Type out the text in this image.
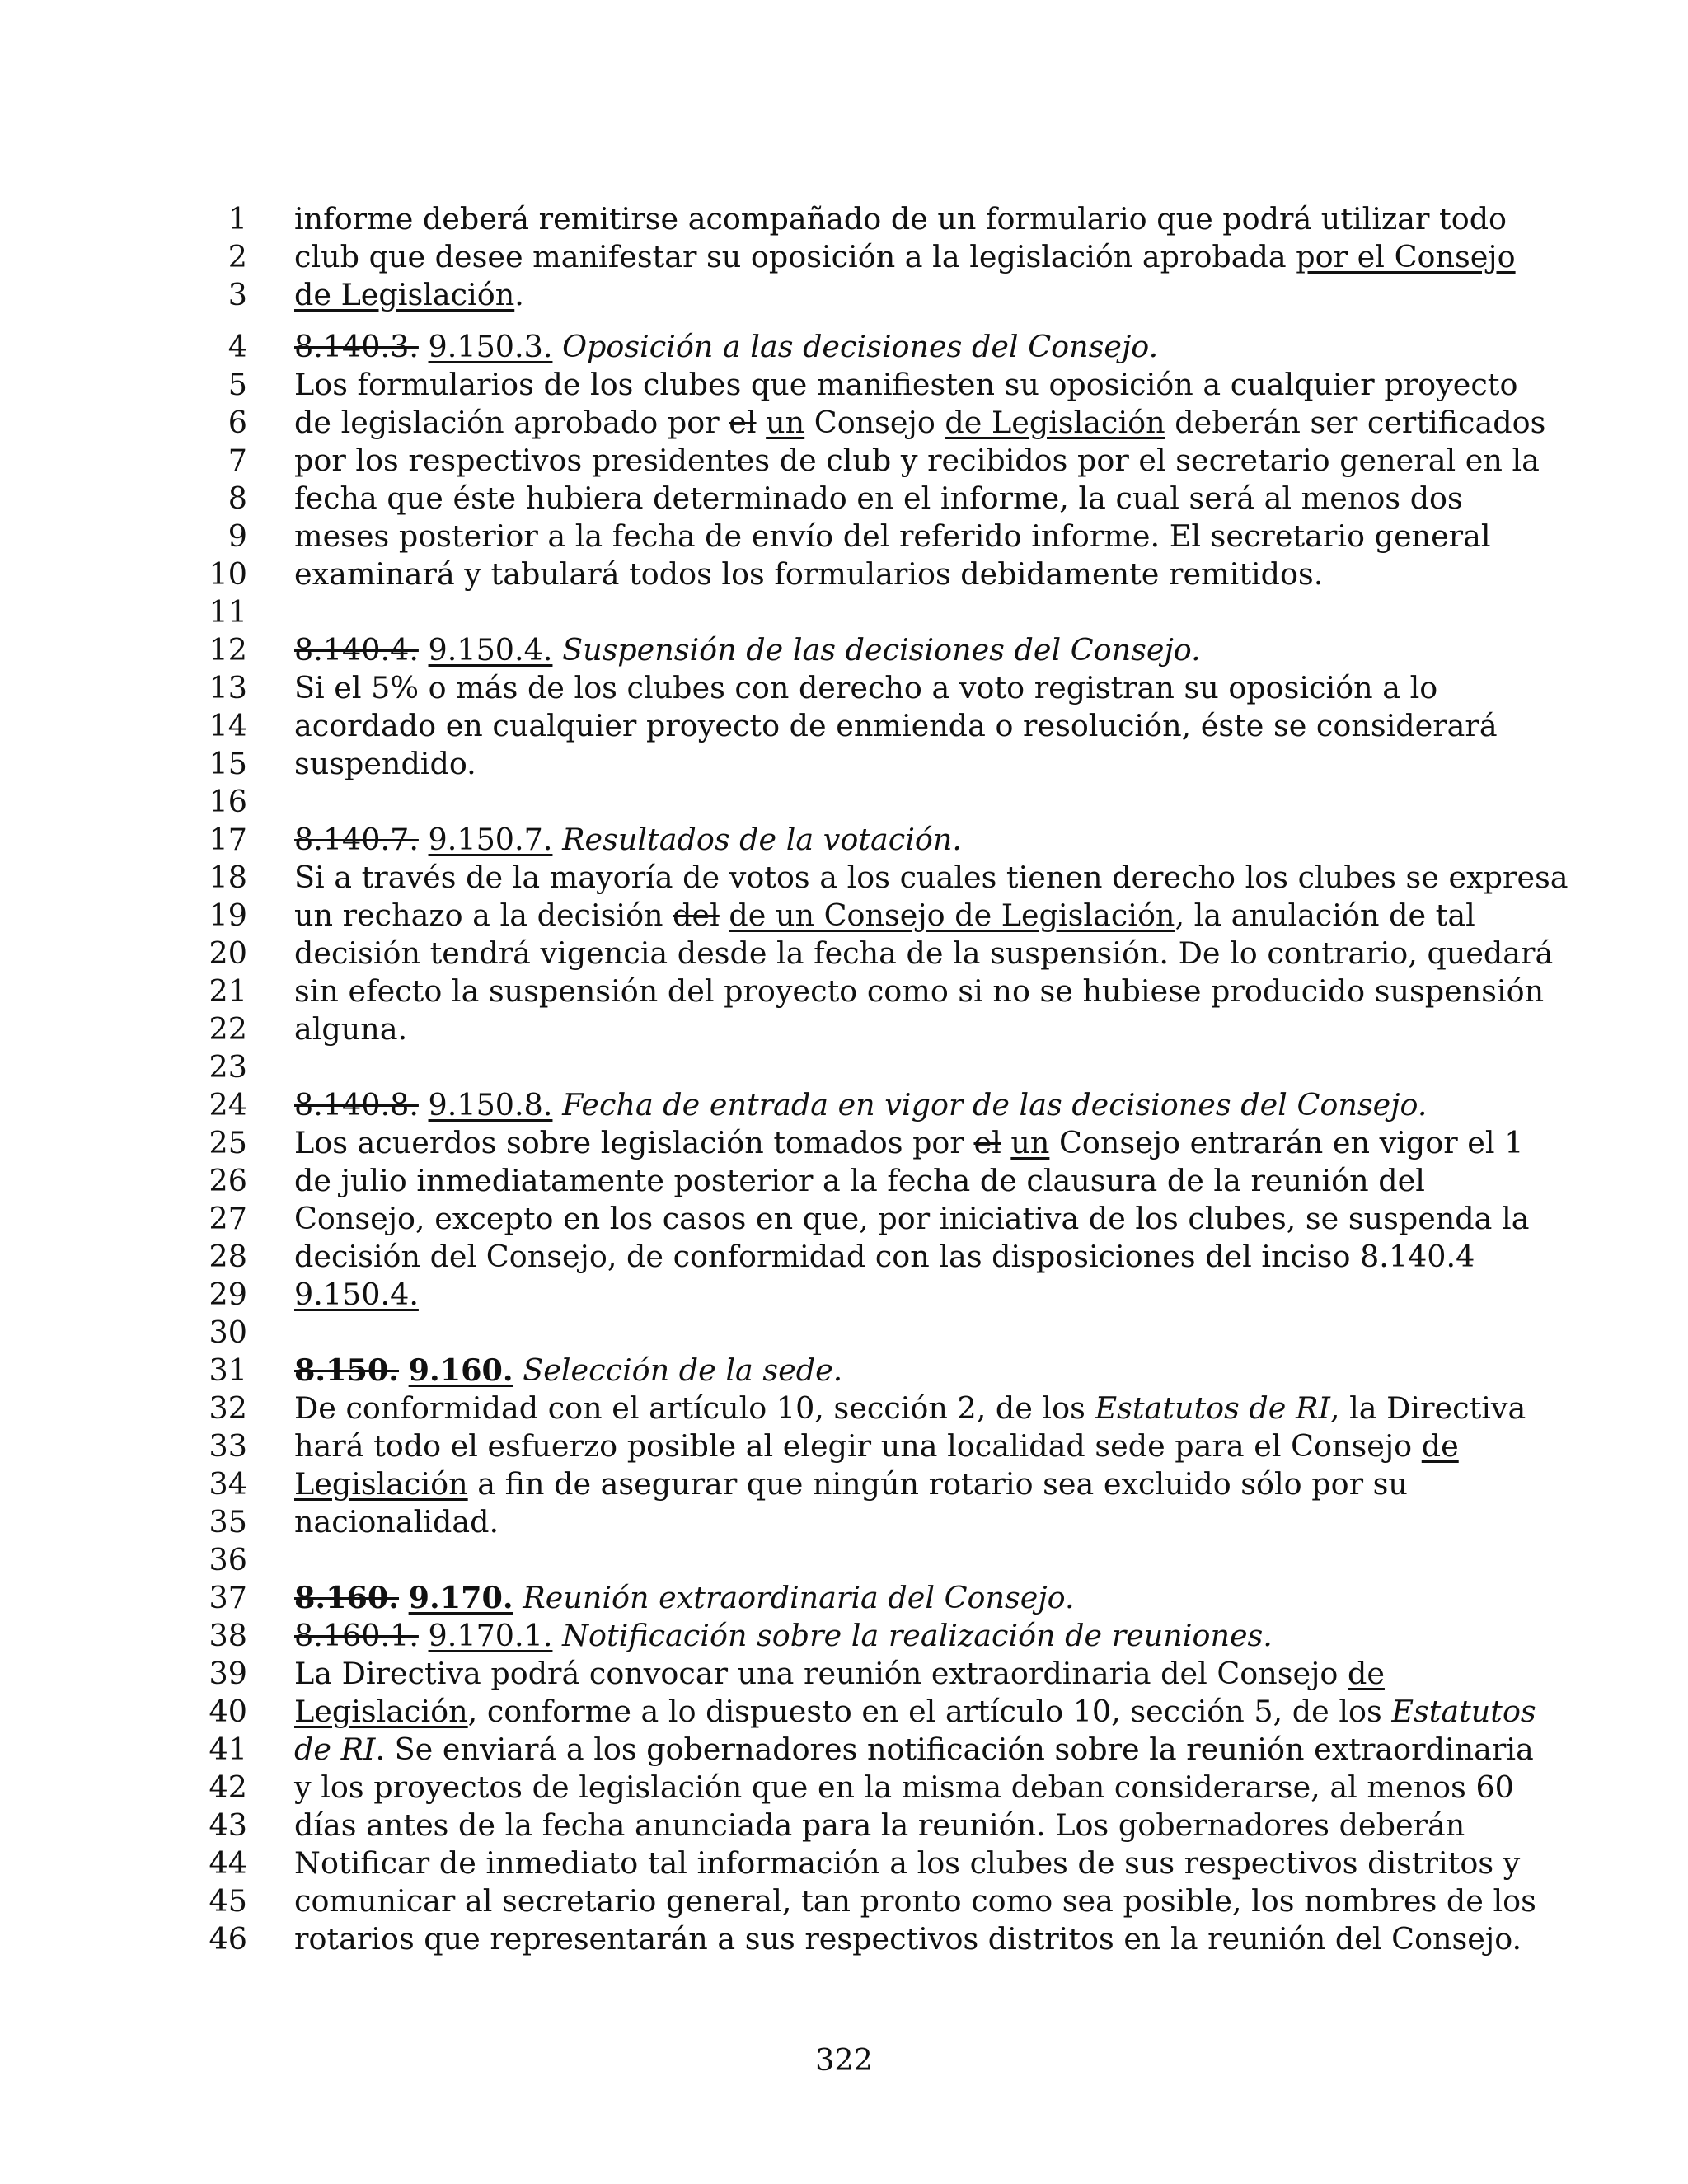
1 informe deberá remitirse acompañado de un formulario que podrá utilizar todo
2 club que desee manifestar su oposición a la legislación aprobada por el Consejo
3 de Legislación.
4 8.140.3. 9.150.3. Oposición a las decisiones del Consejo.
5 Los formularios de los clubes que manifiesten su oposición a cualquier proyecto
6 de legislación aprobado por el un Consejo de Legislación deberán ser certificados
7 por los respectivos presidentes de club y recibidos por el secretario general en la
8 fecha que éste hubiera determinado en el informe, la cual será al menos dos
9 meses posterior a la fecha de envío del referido informe. El secretario general
10 examinará y tabulará todos los formularios debidamente remitidos.
11
12 8.140.4. 9.150.4. Suspensión de las decisiones del Consejo.
13 Si el 5% o más de los clubes con derecho a voto registran su oposición a lo
14 acordado en cualquier proyecto de enmienda o resolución, éste se considerará
15 suspendido.
16
17 8.140.7. 9.150.7. Resultados de la votación.
18 Si a través de la mayoría de votos a los cuales tienen derecho los clubes se expresa
19 un rechazo a la decisión del de un Consejo de Legislación, la anulación de tal
20 decisión tendrá vigencia desde la fecha de la suspensión. De lo contrario, quedará
21 sin efecto la suspensión del proyecto como si no se hubiese producido suspensión
22 alguna.
23
24 8.140.8. 9.150.8. Fecha de entrada en vigor de las decisiones del Consejo.
25 Los acuerdos sobre legislación tomados por el un Consejo entrarán en vigor el 1
26 de julio inmediatamente posterior a la fecha de clausura de la reunión del
27 Consejo, excepto en los casos en que, por iniciativa de los clubes, se suspenda la
28 decisión del Consejo, de conformidad con las disposiciones del inciso 8.140.4
29 9.150.4.
30
31 8.150. 9.160. Selección de la sede.
32 De conformidad con el artículo 10, sección 2, de los Estatutos de RI, la Directiva
33 hará todo el esfuerzo posible al elegir una localidad sede para el Consejo de
34 Legislación a fin de asegurar que ningún rotario sea excluido sólo por su
35 nacionalidad.
36
37 8.160. 9.170. Reunión extraordinaria del Consejo.
38 8.160.1. 9.170.1. Notificación sobre la realización de reuniones.
39 La Directiva podrá convocar una reunión extraordinaria del Consejo de
40 Legislación, conforme a lo dispuesto en el artículo 10, sección 5, de los Estatutos
41 de RI. Se enviará a los gobernadores notificación sobre la reunión extraordinaria
42 y los proyectos de legislación que en la misma deban considerarse, al menos 60
43 días antes de la fecha anunciada para la reunión. Los gobernadores deberán
44 Notificar de inmediato tal información a los clubes de sus respectivos distritos y
45 comunicar al secretario general, tan pronto como sea posible, los nombres de los
46 rotarios que representarán a sus respectivos distritos en la reunión del Consejo.
322
